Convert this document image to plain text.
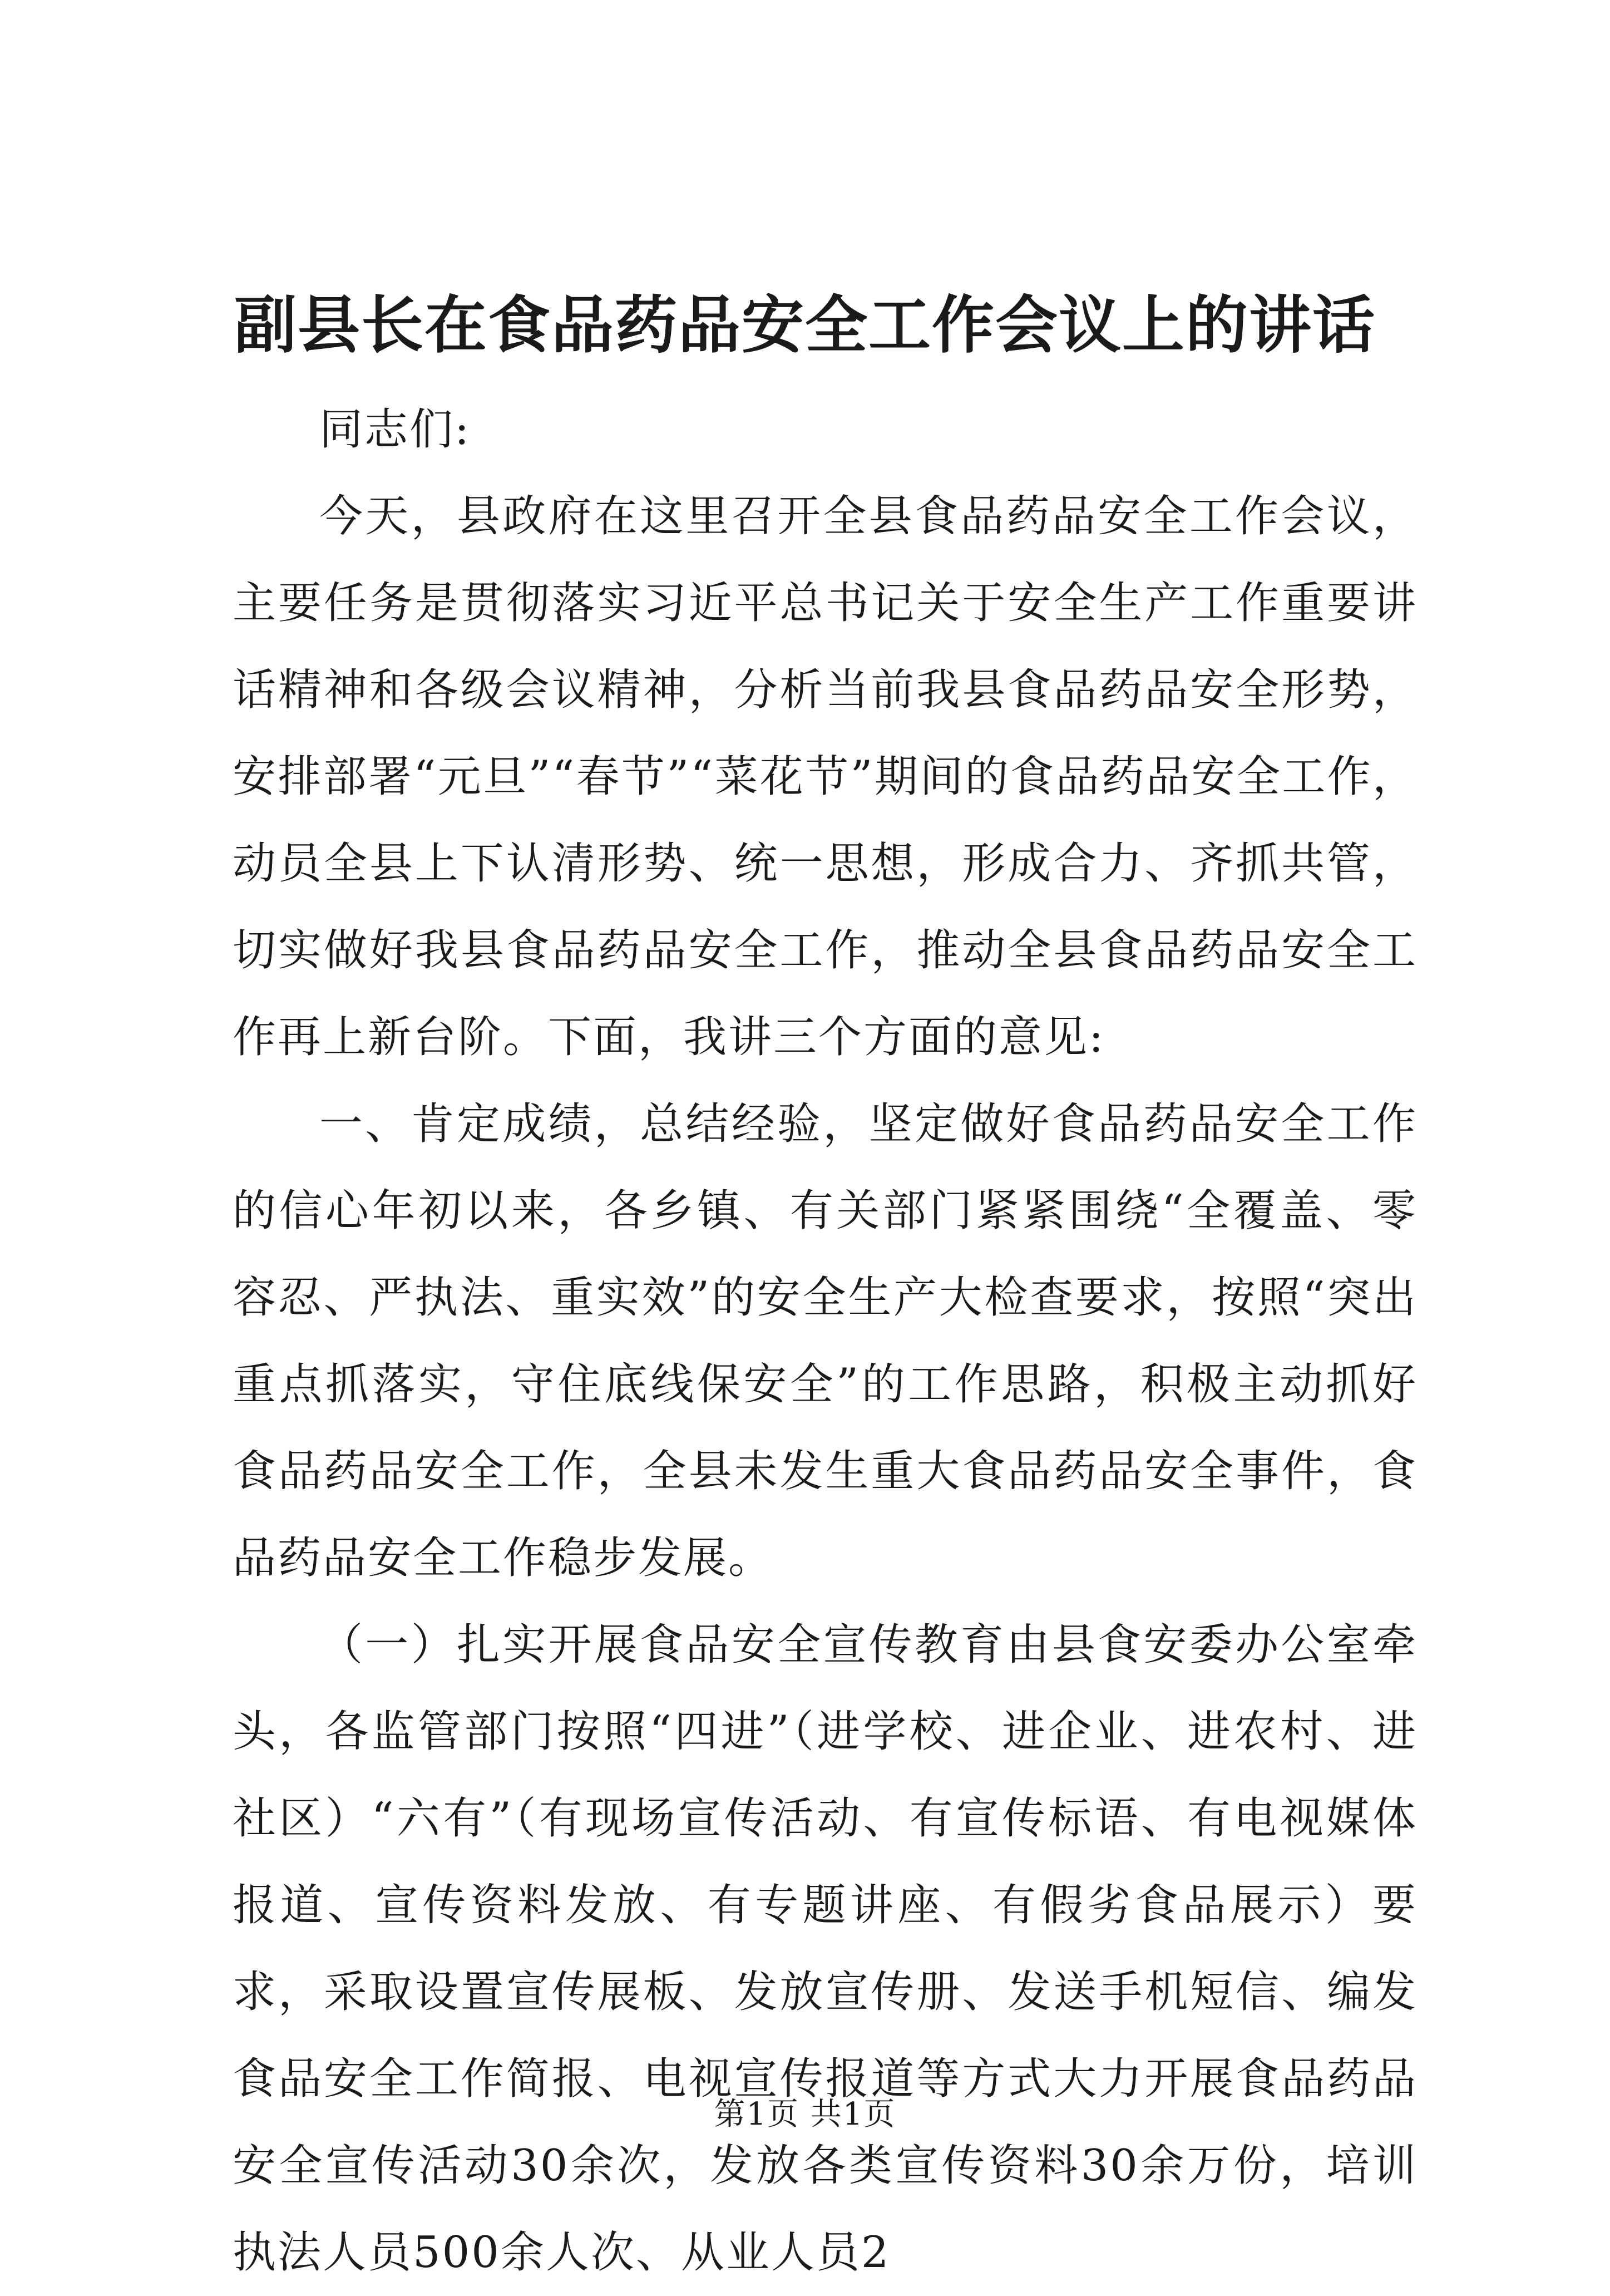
副县长在食品药品安全工作会议上的讲话

同志们:

今天，县政府在这里召开全县食品药品安全工作会议，主要任务是贯彻落实习近平总书记关于安全生产工作重要讲话精神和各级会议精神，分析当前我县食品药品安全形势，安排部署“元旦”“春节”“菜花节”期间的食品药品安全工作，动员全县上下认清形势、统一思想，形成合力、齐抓共管，切实做好我县食品药品安全工作，推动全县食品药品安全工作再上新台阶。下面，我讲三个方面的意见:

一、肯定成绩，总结经验，坚定做好食品药品安全工作的信心年初以来，各乡镇、有关部门紧紧围绕“全覆盖、零容忍、严执法、重实效”的安全生产大检查要求，按照“突出重点抓落实，守住底线保安全”的工作思路，积极主动抓好食品药品安全工作，全县未发生重大食品药品安全事件，食品药品安全工作稳步发展。

（一）扎实开展食品安全宣传教育由县食安委办公室牵头，各监管部门按照“四进”（进学校、进企业、进农村、进社区）“六有”（有现场宣传活动、有宣传标语、有电视媒体报道、宣传资料发放、有专题讲座、有假劣食品展示）要求，采取设置宣传展板、发放宣传册、发送手机短信、编发食品安全工作简报、电视宣传报道等方式大力开展食品药品安全宣传活动30余次，发放各类宣传资料30余万份，培训执法人员500余人次、从业人员2

第1页 共1页
